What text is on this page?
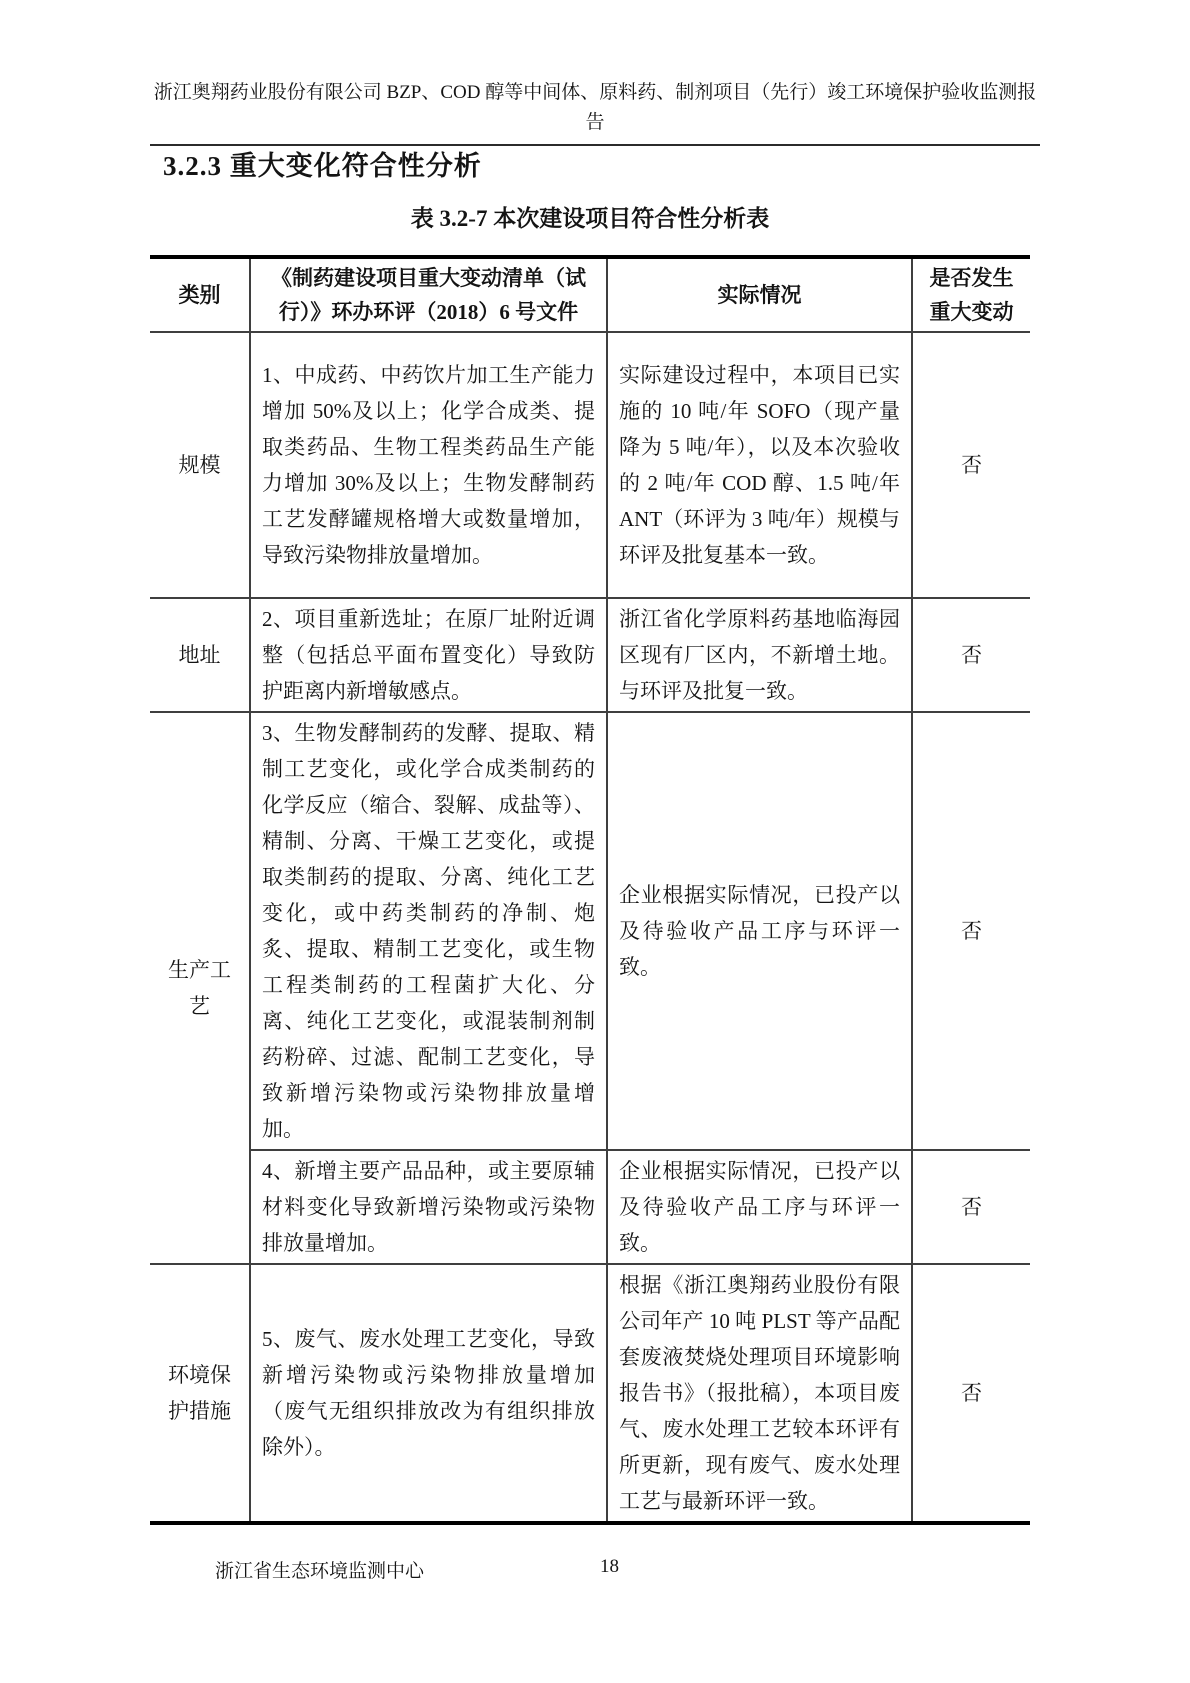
浙江奥翔药业股份有限公司 BZP、COD 醇等中间体、原料药、制剂项目（先行）竣工环境保护验收监测报
告
3.2.3 重大变化符合性分析
表 3.2-7 本次建设项目符合性分析表
类别	《制药建设项目重大变动清单（试行）》环办环评（2018）6 号文件	实际情况	是否发生重大变动
规模	1、中成药、中药饮片加工生产能力增加 50%及以上；化学合成类、提取类药品、生物工程类药品生产能力增加 30%及以上；生物发酵制药工艺发酵罐规格增大或数量增加，导致污染物排放量增加。	实际建设过程中，本项目已实施的 10 吨/年 SOFO（现产量降为 5 吨/年），以及本次验收的 2 吨/年 COD 醇、1.5 吨/年 ANT（环评为 3 吨/年）规模与环评及批复基本一致。	否
地址	2、项目重新选址；在原厂址附近调整（包括总平面布置变化）导致防护距离内新增敏感点。	浙江省化学原料药基地临海园区现有厂区内，不新增土地。与环评及批复一致。	否
生产工艺	3、生物发酵制药的发酵、提取、精制工艺变化，或化学合成类制药的化学反应（缩合、裂解、成盐等）、精制、分离、干燥工艺变化，或提取类制药的提取、分离、纯化工艺变化，或中药类制药的净制、炮炙、提取、精制工艺变化，或生物工程类制药的工程菌扩大化、分离、纯化工艺变化，或混装制剂制药粉碎、过滤、配制工艺变化，导致新增污染物或污染物排放量增加。	企业根据实际情况，已投产以及待验收产品工序与环评一致。	否
	4、新增主要产品品种，或主要原辅材料变化导致新增污染物或污染物排放量增加。	企业根据实际情况，已投产以及待验收产品工序与环评一致。	否
环境保护措施	5、废气、废水处理工艺变化，导致新增污染物或污染物排放量增加（废气无组织排放改为有组织排放除外）。	根据《浙江奥翔药业股份有限公司年产 10 吨 PLST 等产品配套废液焚烧处理项目环境影响报告书》（报批稿），本项目废气、废水处理工艺较本环评有所更新，现有废气、废水处理工艺与最新环评一致。	否
浙江省生态环境监测中心	18
